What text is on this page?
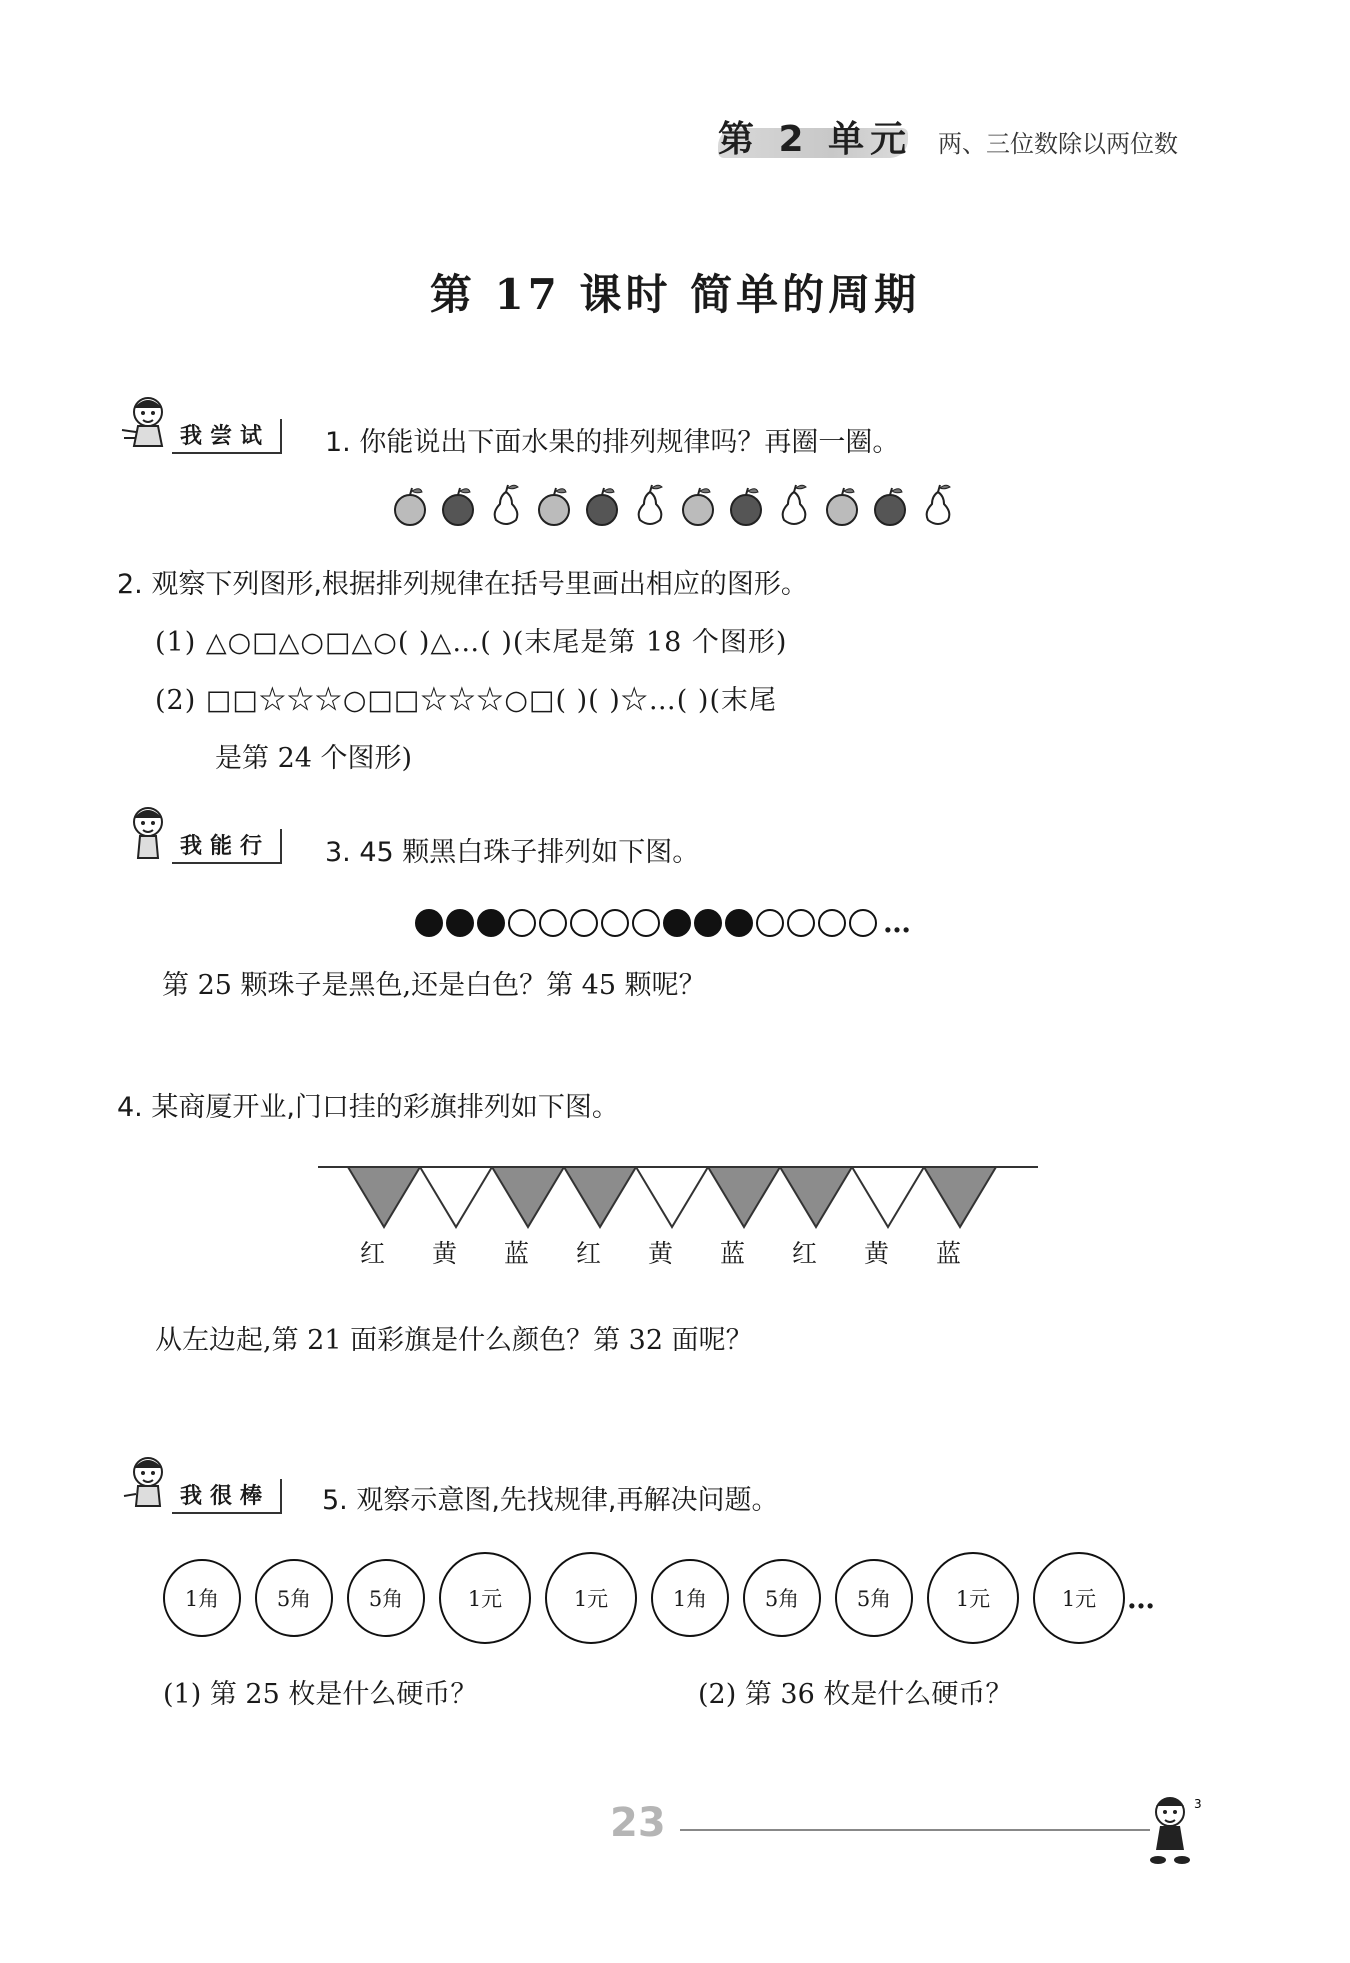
第 2 单元 两、三位数除以两位数
第 17 课时 简单的周期
我尝试	1. 你能说出下面水果的排列规律吗？再圈一圈。
2. 观察下列图形,根据排列规律在括号里画出相应的图形。
(1) △○□△○□△○( )△…( )(末尾是第 18 个图形)
(2) □□☆☆☆○□□☆☆☆○□( )( )☆…( )(末尾
是第 24 个图形)
我能行	3. 45 颗黑白珠子排列如下图。
…
第 25 颗珠子是黑色,还是白色？第 45 颗呢？
4. 某商厦开业,门口挂的彩旗排列如下图。
红	黄	蓝	红	黄	蓝	红	黄	蓝
从左边起,第 21 面彩旗是什么颜色？第 32 面呢？
我很棒	5. 观察示意图,先找规律,再解决问题。
1角	5角	5角	1元	1元	1角	5角	5角	1元	1元	…
(1) 第 25 枚是什么硬币？	(2) 第 36 枚是什么硬币？
23	3
